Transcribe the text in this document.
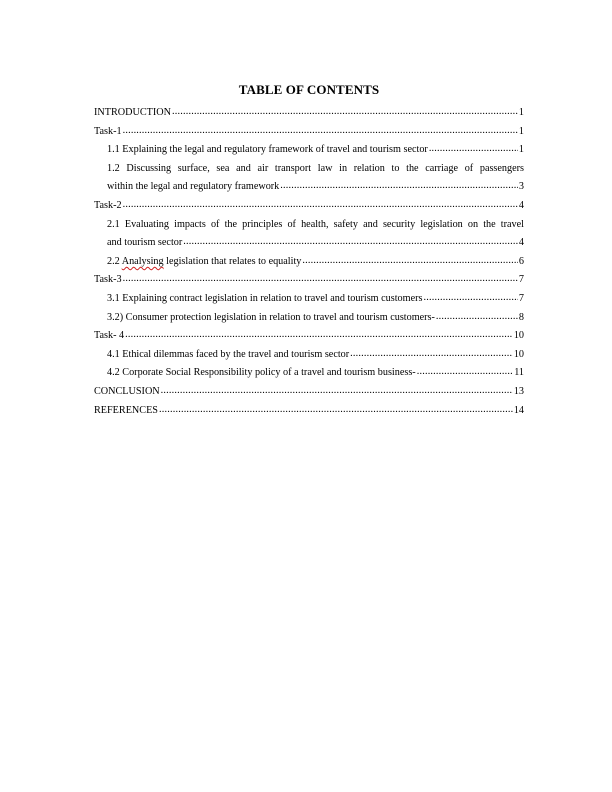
TABLE OF CONTENTS
INTRODUCTION .....	1
Task-1 .....	1
1.1 Explaining the legal and regulatory framework of travel and tourism sector .....	1
1.2 Discussing surface, sea and air transport law in relation to the carriage of passengers
within the legal and regulatory framework .....	3
Task-2 .....	4
2.1 Evaluating impacts of the principles of health, safety and security legislation on the travel
and tourism sector .....	4
2.2 Analysing legislation that relates to equality .....	6
Task-3 .....	7
3.1 Explaining contract legislation in relation to travel and tourism customers .....	7
3.2) Consumer protection legislation in relation to travel and tourism customers- .....	8
Task- 4 .....	10
4.1 Ethical dilemmas faced by the travel and tourism sector .....	10
4.2 Corporate Social Responsibility policy of a travel and tourism business- .....	11
CONCLUSION .....	13
REFERENCES .....	14
